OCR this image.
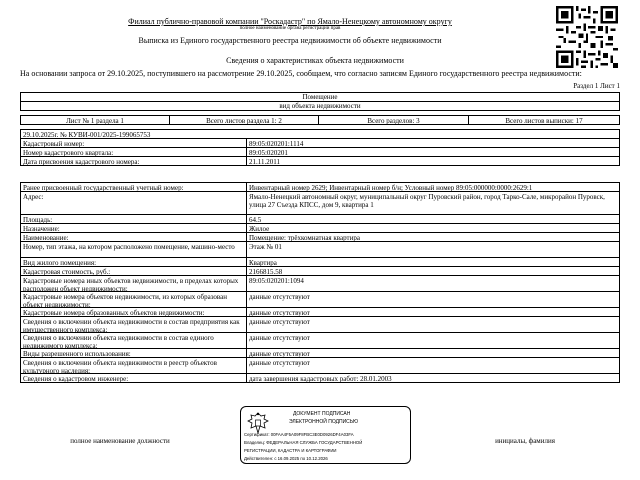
Филиал публично-правовой компании "Роскадастр" по Ямало-Ненецкому автономному округу
полное наименование органа регистрации прав
Выписка из Единого государственного реестра недвижимости об объекте недвижимости
Сведения о характеристиках объекта недвижимости
На основании запроса от 29.10.2025, поступившего на рассмотрение 29.10.2025, сообщаем, что согласно записям Единого государственного реестра недвижимости:
Раздел 1 Лист 1
Помещение
вид объекта недвижимости
Лист № 1 раздела 1	Всего листов раздела 1: 2	Всего разделов: 3	Всего листов выписки: 17
29.10.2025г. № КУВИ-001/2025-199065753
Кадастровый номер:	89:05:020201:1114
Номер кадастрового квартала:	89:05:020201
Дата присвоения кадастрового номера:	21.11.2011
Ранее присвоенный государственный учетный номер:	Инвентарный номер 2629; Инвентарный номер б/н; Условный номер 89:05:000000:0000:2629:1
Адрес:	Ямало-Ненецкий автономный округ, муниципальный округ Пуровский район, город Тарко-Сале, микрорайон Пуровск, улица 27 Съезда КПСС, дом 9, квартира 1
Площадь:	64.5
Назначение:	Жилое
Наименование:	Помещение: трёхкомнатная квартира
Номер, тип этажа, на котором расположено помещение, машино-место	Этаж № 01
Вид жилого помещения:	Квартира
Кадастровая стоимость, руб.:	2166815.58
Кадастровые номера иных объектов недвижимости, в пределах которых расположен объект недвижимости:
89:05:020201:1094
Кадастровые номера объектов недвижимости, из которых образован объект недвижимости:
данные отсутствуют
Кадастровые номера образованных объектов недвижимости:	данные отсутствуют
Сведения о включении объекта недвижимости в состав предприятия как имущественного комплекса:
данные отсутствуют
Сведения о включении объекта недвижимости в состав единого недвижимого комплекса:
данные отсутствуют
Виды разрешенного использования:	данные отсутствуют
Сведения о включении объекта недвижимости в реестр объектов культурного наследия:
данные отсутствуют
Сведения о кадастровом инженере:	дата завершения кадастровых работ: 28.01.2003
полное наименование должности	инициалы, фамилия
ДОКУМЕНТ ПОДПИСАН
ЭЛЕКТРОННОЙ ПОДПИСЬЮ
Сертификат: 00FAA4F5A09F8FBC3E0D0926DF4A03FA
Владелец: ФЕДЕРАЛЬНАЯ СЛУЖБА ГОСУДАРСТВЕННОЙ
РЕГИСТРАЦИИ, КАДАСТРА И КАРТОГРАФИИ
Действителен: с 16.09.2025 по 10.12.2026
